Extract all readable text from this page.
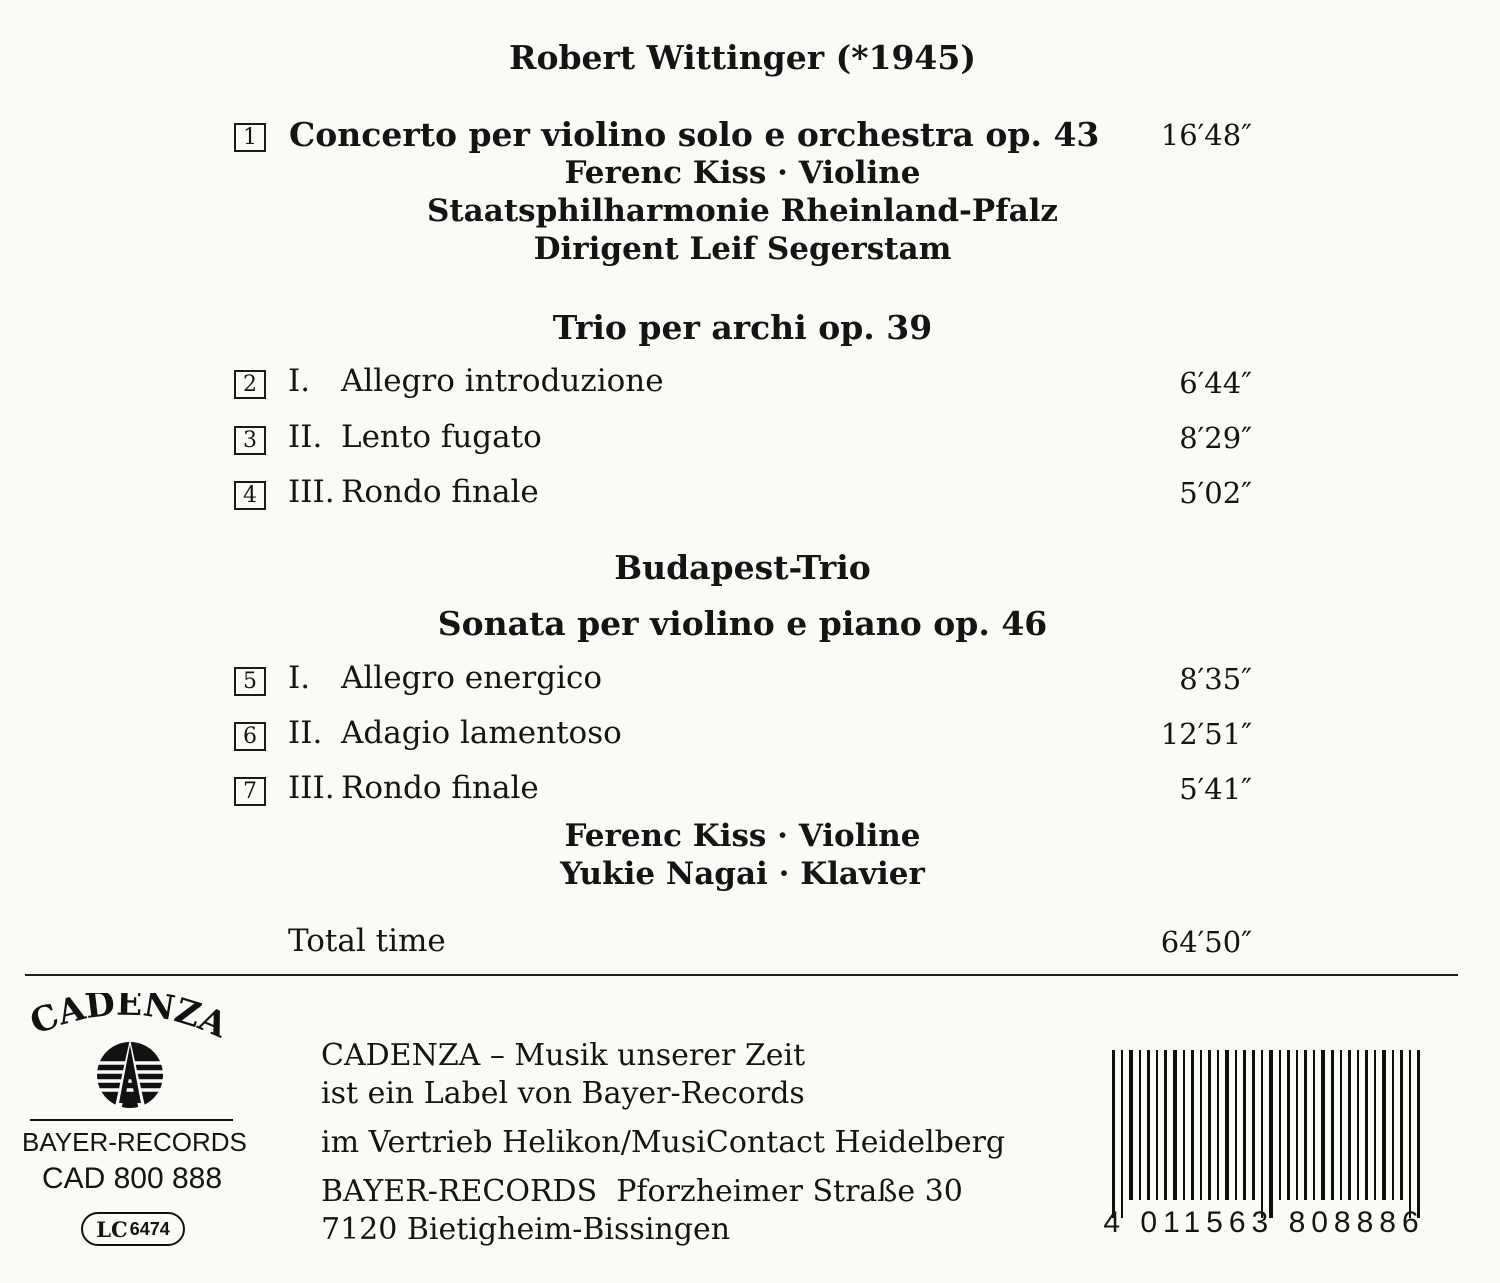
Robert Wittinger (*1945)
1 Concerto per violino solo e orchestra op. 43	16′48″
Ferenc Kiss · Violine
Staatsphilharmonie Rheinland-Pfalz
Dirigent Leif Segerstam
Trio per archi op. 39
2 I. Allegro introduzione	6′44″
3 II. Lento fugato	8′29″
4 III. Rondo finale	5′02″
Budapest-Trio
Sonata per violino e piano op. 46
5 I. Allegro energico	8′35″
6 II. Adagio lamentoso	12′51″
7 III. Rondo finale	5′41″
Ferenc Kiss · Violine
Yukie Nagai · Klavier
Total time	64′50″
CADENZA
BAYER-RECORDS
CAD 800 888
LC 6474
CADENZA – Musik unserer Zeit
ist ein Label von Bayer-Records
im Vertrieb Helikon/MusiContact Heidelberg
BAYER-RECORDS  Pforzheimer Straße 30
7120 Bietigheim-Bissingen	4 011563 808886
